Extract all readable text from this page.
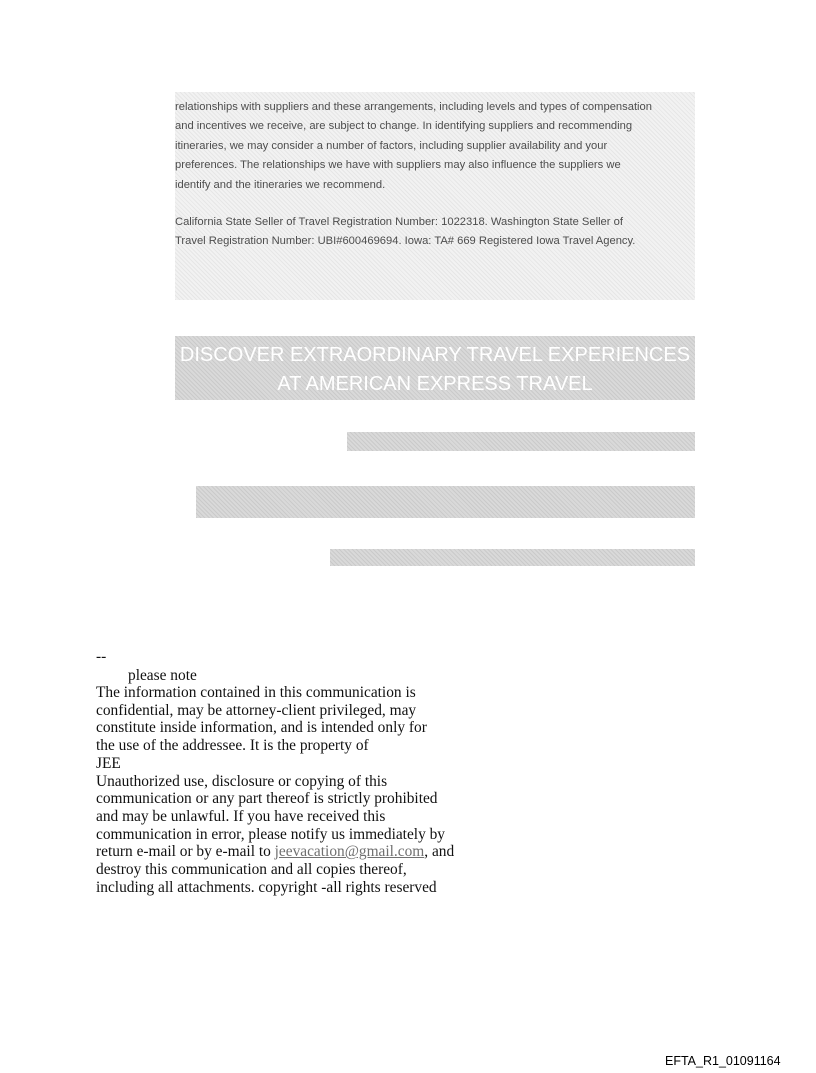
relationships with suppliers and these arrangements, including levels and types of compensation
and incentives we receive, are subject to change. In identifying suppliers and recommending
itineraries, we may consider a number of factors, including supplier availability and your
preferences. The relationships we have with suppliers may also influence the suppliers we
identify and the itineraries we recommend.

California State Seller of Travel Registration Number: 1022318. Washington State Seller of
Travel Registration Number: UBI#600469694. Iowa: TA# 669 Registered Iowa Travel Agency.

DISCOVER EXTRAORDINARY TRAVEL EXPERIENCES
AT AMERICAN EXPRESS TRAVEL
--
please note
The information contained in this communication is
confidential, may be attorney-client privileged, may
constitute inside information, and is intended only for
the use of the addressee. It is the property of
JEE
Unauthorized use, disclosure or copying of this
communication or any part thereof is strictly prohibited
and may be unlawful. If you have received this
communication in error, please notify us immediately by
return e-mail or by e-mail to jeevacation@gmail.com, and
destroy this communication and all copies thereof,
including all attachments. copyright -all rights reserved
EFTA_R1_01091164
